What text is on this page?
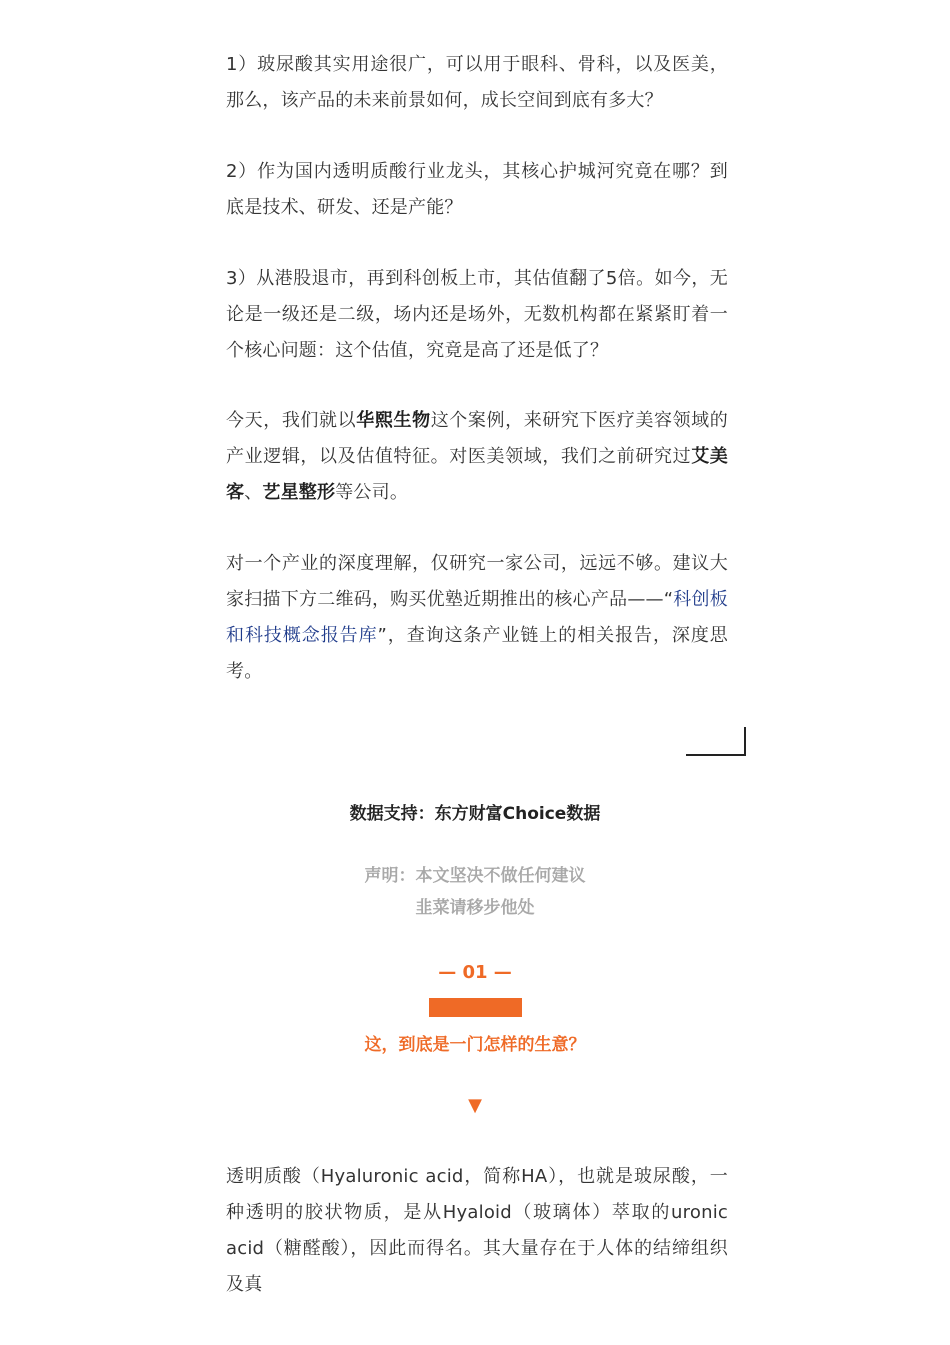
1）玻尿酸其实用途很广，可以用于眼科、骨科，以及医美，那么，该产品的未来前景如何，成长空间到底有多大？

2）作为国内透明质酸行业龙头，其核心护城河究竟在哪？到底是技术、研发、还是产能？

3）从港股退市，再到科创板上市，其估值翻了5倍。如今，无论是一级还是二级，场内还是场外，无数机构都在紧紧盯着一个核心问题：这个估值，究竟是高了还是低了？

今天，我们就以华熙生物这个案例，来研究下医疗美容领域的产业逻辑，以及估值特征。对医美领域，我们之前研究过艾美客、艺星整形等公司。

对一个产业的深度理解，仅研究一家公司，远远不够。建议大家扫描下方二维码，购买优塾近期推出的核心产品——“科创板和科技概念报告库”，查询这条产业链上的相关报告，深度思考。

数据支持：东方财富Choice数据
声明：本文坚决不做任何建议
韭菜请移步他处
— 01 —
这，到底是一门怎样的生意？
▼

透明质酸（Hyaluronic acid，简称HA），也就是玻尿酸，一种透明的胶状物质，是从Hyaloid（玻璃体）萃取的uronic acid（糖醛酸），因此而得名。其大量存在于人体的结缔组织及真
